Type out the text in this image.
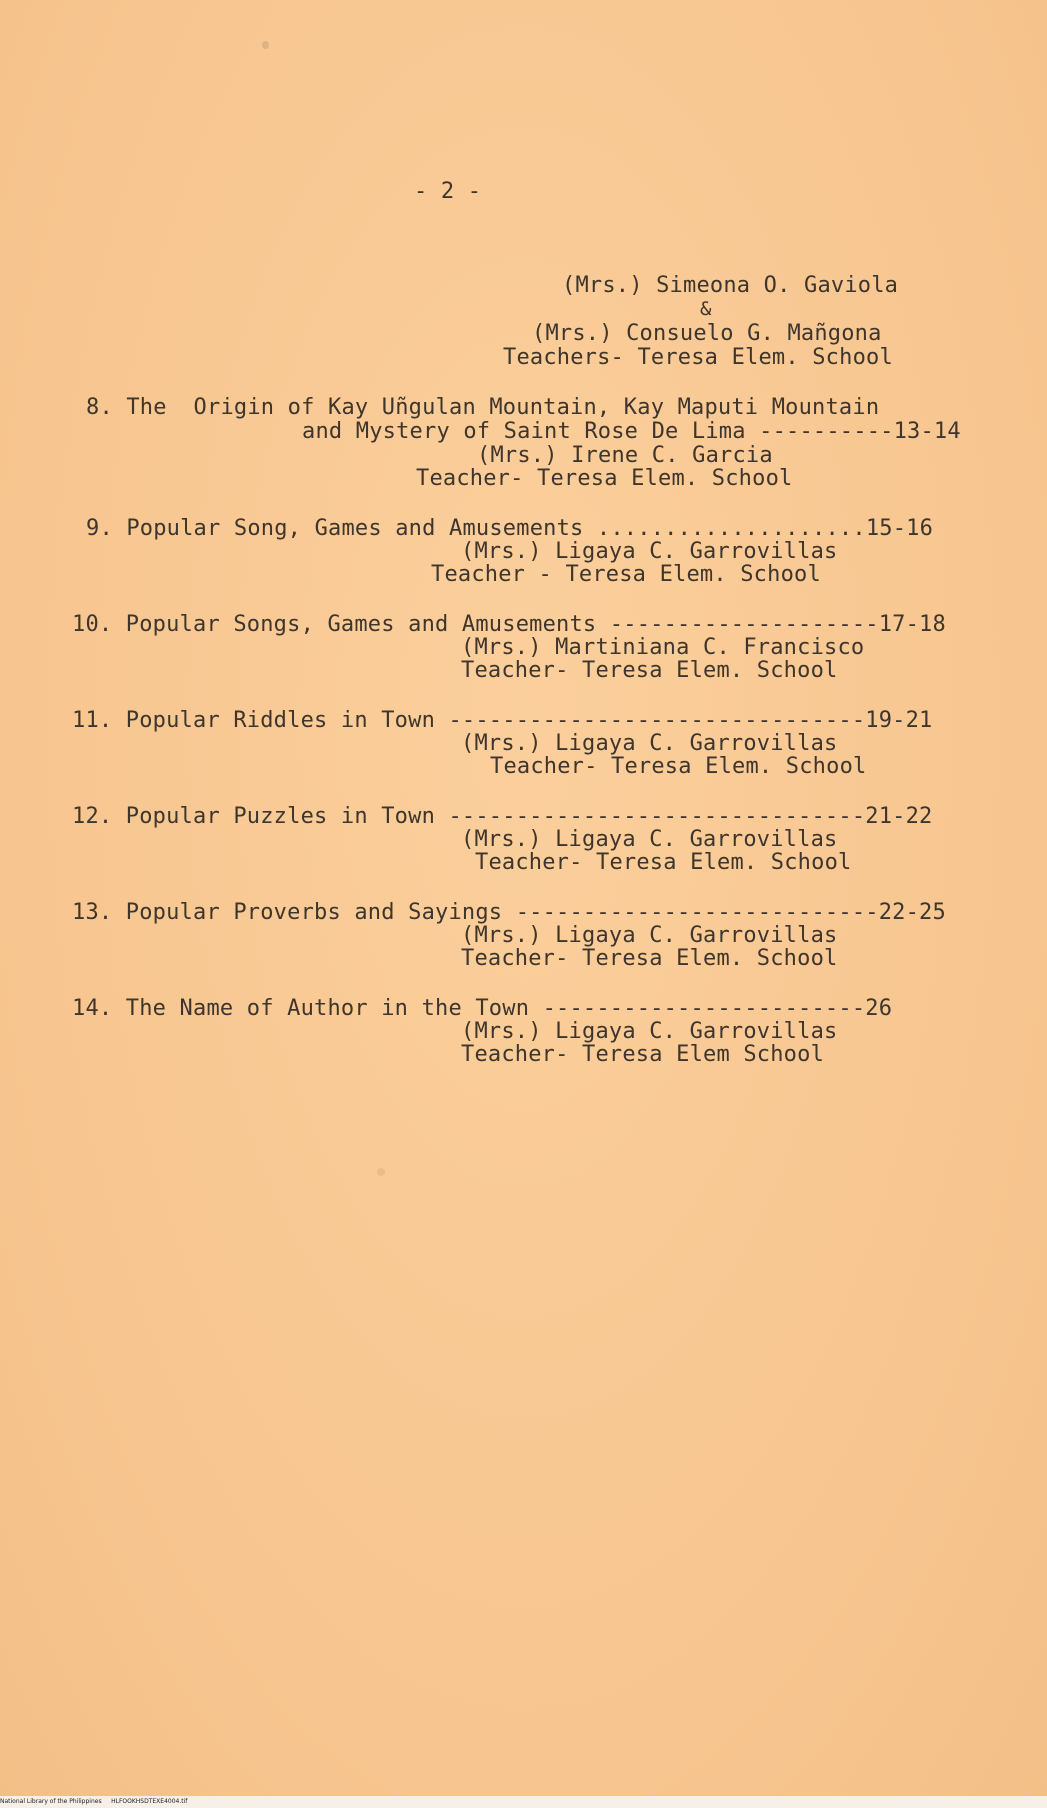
- 2 -
(Mrs.) Simeona O. Gaviola
&
(Mrs.) Consuelo G. Mañgona
Teachers- Teresa Elem. School
8. The  Origin of Kay Uñgulan Mountain, Kay Maputi Mountain
and Mystery of Saint Rose De Lima ----------13-14
(Mrs.) Irene C. Garcia
Teacher- Teresa Elem. School
9. Popular Song, Games and Amusements ....................15-16
(Mrs.) Ligaya C. Garrovillas
Teacher - Teresa Elem. School
10. Popular Songs, Games and Amusements --------------------17-18
(Mrs.) Martiniana C. Francisco
Teacher- Teresa Elem. School
11. Popular Riddles in Town -------------------------------19-21
(Mrs.) Ligaya C. Garrovillas
Teacher- Teresa Elem. School
12. Popular Puzzles in Town -------------------------------21-22
(Mrs.) Ligaya C. Garrovillas
Teacher- Teresa Elem. School
13. Popular Proverbs and Sayings ---------------------------22-25
(Mrs.) Ligaya C. Garrovillas
Teacher- Teresa Elem. School
14. The Name of Author in the Town ------------------------26
(Mrs.) Ligaya C. Garrovillas
Teacher- Teresa Elem School
National Library of the Philippines     HLFOOKHSDTEXE4004.tif
